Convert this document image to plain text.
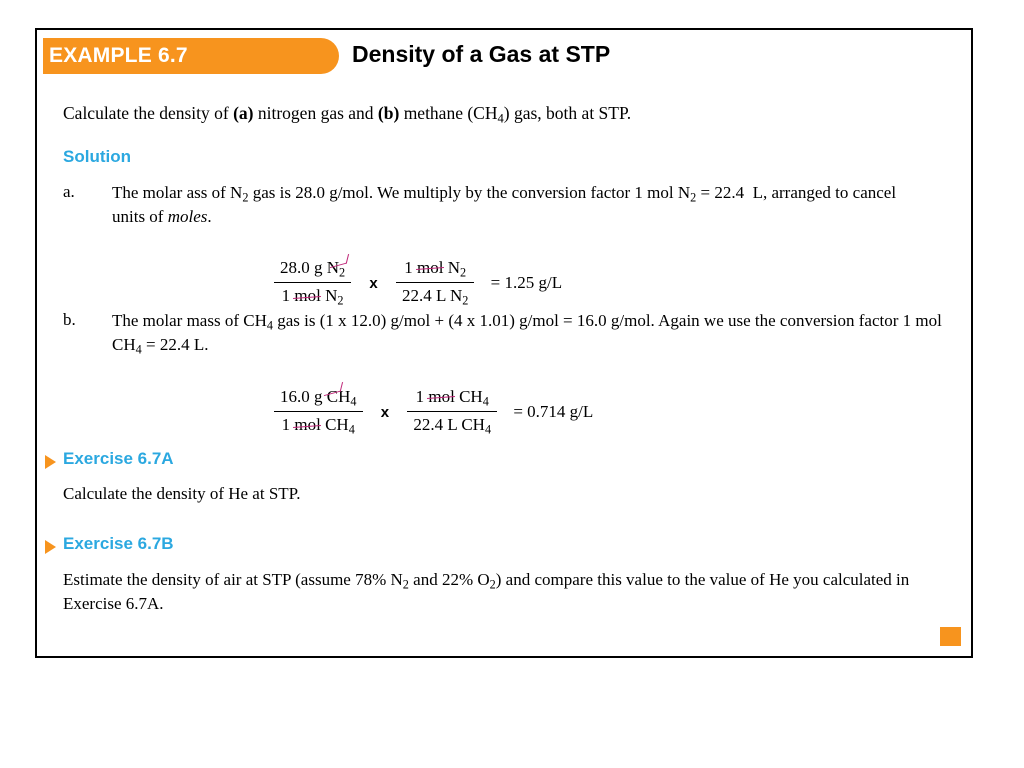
EXAMPLE 6.7	Density of a Gas at STP
Calculate the density of (a) nitrogen gas and (b) methane $(CH_4)$ gas, both at STP.
Solution
a. The molar ass of $N_2$ gas is 28.0 g/mol. We multiply by the conversion factor 1 mol $N_2 = 22.4$  L, arranged to cancel units of moles.
$\frac{28.0 g N_2}{1 mol N_2}$ x $\frac{1 mol N_2}{22.4 L N_2} = 1.25$ g/L
b. The molar mass of $CH_4$ gas is (1 x 12.0) g/mol + (4 x 1.01) g/mol = 16.0 g/mol. Again we use the conversion factor 1 mol $CH_4 = 22.4$ L.
$\frac{16.0 g CH_4}{1 mol CH_4}$ x $\frac{1 mol CH_4}{22.4 L CH_4} = 0.714$ g/L
Exercise 6.7A
Calculate the density of He at STP.
Exercise 6.7B
Estimate the density of air at STP (assume 78% $N_2$ and 22% $O_2$) and compare this value to the value of He you calculated in Exercise 6.7A.
